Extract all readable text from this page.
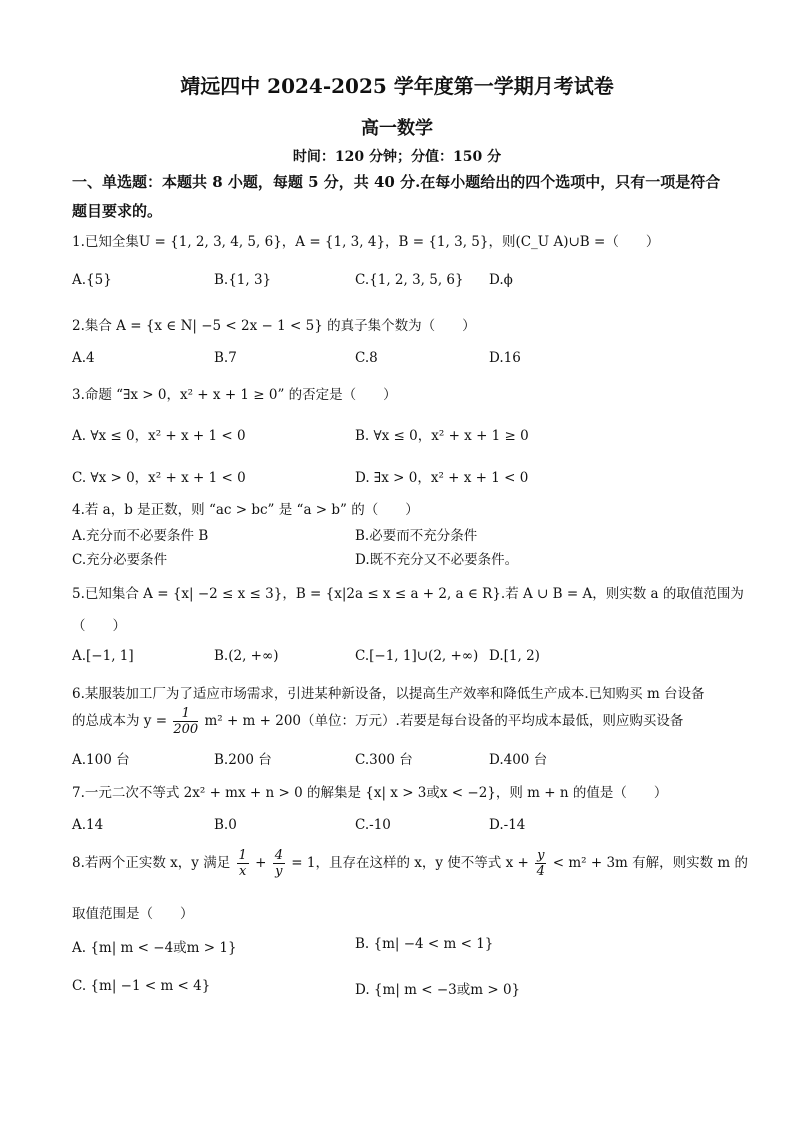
靖远四中 2024-2025 学年度第一学期月考试卷
高一数学
时间：120 分钟；分值：150 分
一、单选题：本题共 8 小题，每题 5 分，共 40 分.在每小题给出的四个选项中，只有一项是符合题目要求的。
1.已知全集U = {1, 2, 3, 4, 5, 6}，A = {1, 3, 4}，B = {1, 3, 5}，则(C_U A)∪B =（　　）
A.{5}	B.{1, 3}	C.{1, 2, 3, 5, 6} D.ϕ
2.集合 A = {x ∈ N| −5 < 2x − 1 < 5} 的真子集个数为（　　）
A.4	B.7	C.8	D.16
3.命题 “∃x > 0，x² + x + 1 ≥ 0” 的否定是（　　）
A. ∀x ≤ 0，x² + x + 1 < 0	B. ∀x ≤ 0，x² + x + 1 ≥ 0
C. ∀x > 0，x² + x + 1 < 0	D. ∃x > 0，x² + x + 1 < 0
4.若 a，b 是正数，则 “ac > bc” 是 “a > b” 的（　　）
A.充分而不必要条件 B	B.必要而不充分条件
C.充分必要条件	D.既不充分又不必要条件。
5.已知集合 A = {x| −2 ≤ x ≤ 3}，B = {x|2a ≤ x ≤ a + 2, a ∈ R}.若 A ∪ B = A，则实数 a 的取值范围为
（　　）
A.[−1, 1]	B.(2, +∞)	C.[−1, 1]∪(2, +∞) D.[1, 2)
6.某服装加工厂为了适应市场需求，引进某种新设备，以提高生产效率和降低生产成本.已知购买 m 台设备
的总成本为 $y = \frac{1}{200} m^2 + m + 200$（单位：万元）.若要是每台设备的平均成本最低，则应购买设备
A.100 台	B.200 台	C.300 台	D.400 台
7.一元二次不等式 2x² + mx + n > 0 的解集是 {x| x > 3或x < −2}，则 m + n 的值是（　　）
A.14	B.0	C.-10	D.-14
8.若两个正实数 x，y 满足 $\frac{1}{x} + \frac{4}{y} = 1$，且存在这样的 x，y 使不等式 $x + \frac{y}{4} < m^2 + 3m$ 有解，则实数 m 的
取值范围是（　　）
A. {m| m < −4或m > 1}	B. {m| −4 < m < 1}
C. {m| −1 < m < 4}	D. {m| m < −3或m > 0}
